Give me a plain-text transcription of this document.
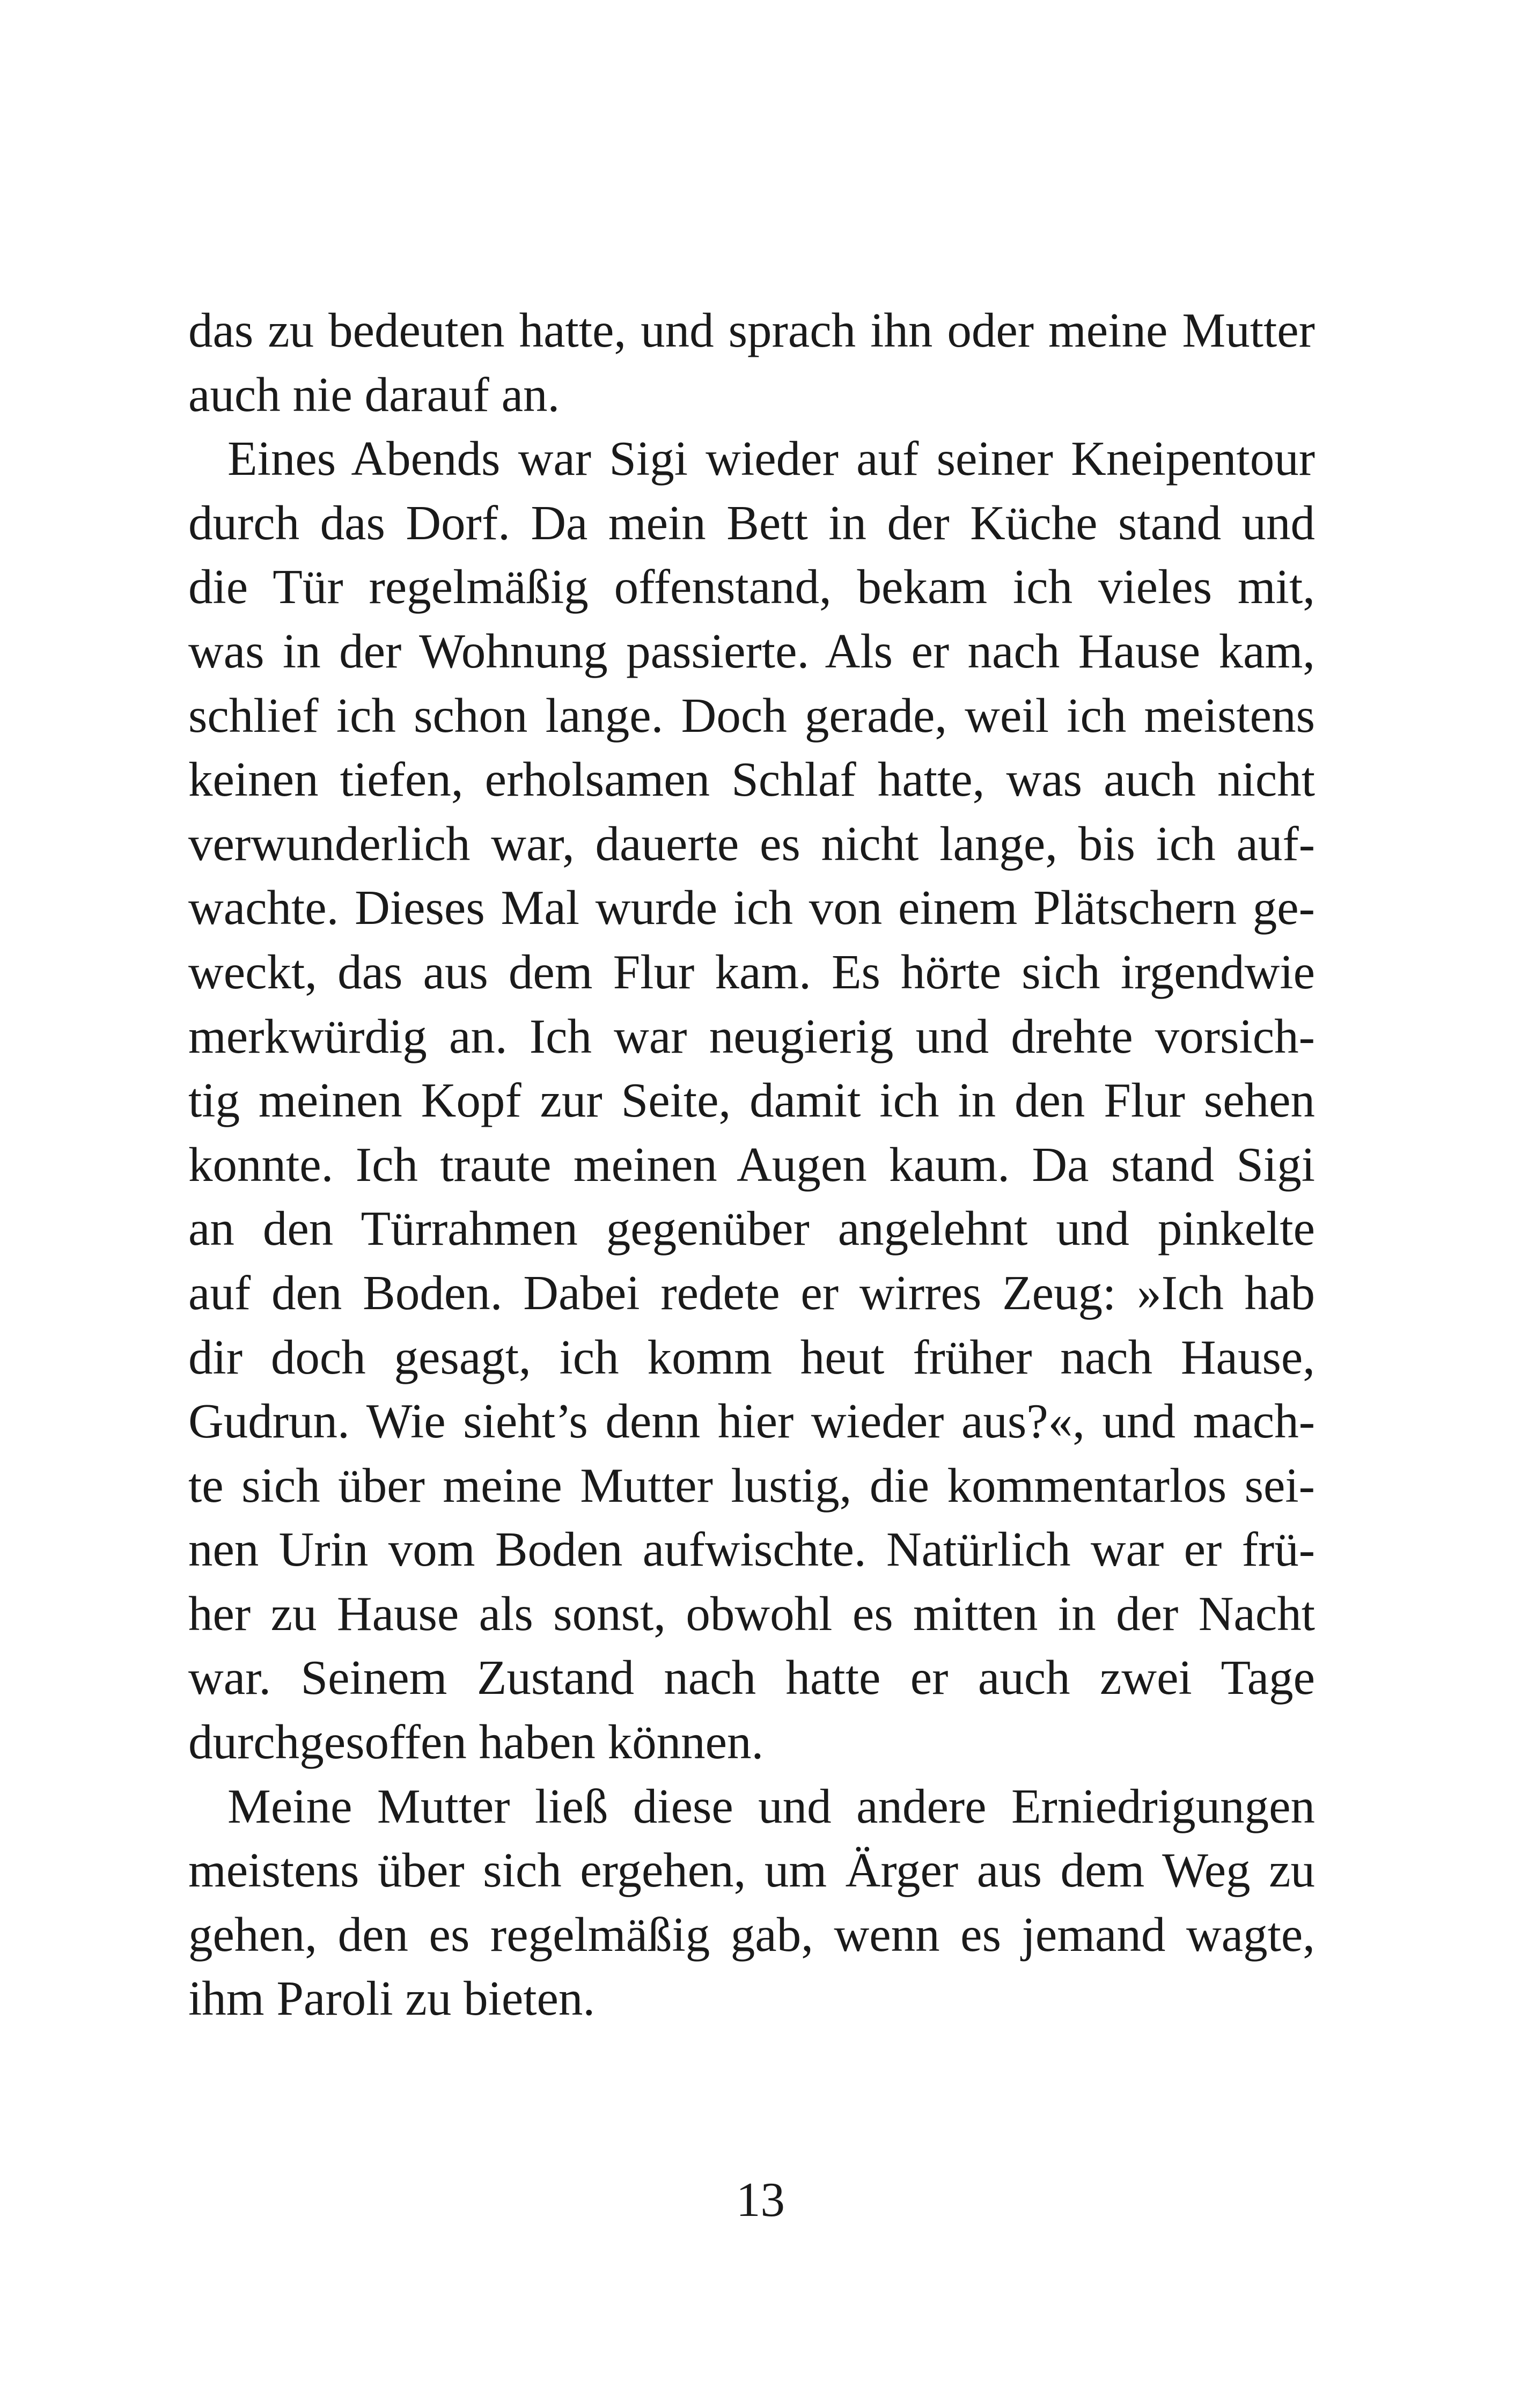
das zu bedeuten hatte, und sprach ihn oder meine Mutter
auch nie darauf an.
Eines Abends war Sigi wieder auf seiner Kneipentour
durch das Dorf. Da mein Bett in der Küche stand und
die Tür regelmäßig offenstand, bekam ich vieles mit,
was in der Wohnung passierte. Als er nach Hause kam,
schlief ich schon lange. Doch gerade, weil ich meistens
keinen tiefen, erholsamen Schlaf hatte, was auch nicht
verwunderlich war, dauerte es nicht lange, bis ich auf-
wachte. Dieses Mal wurde ich von einem Plätschern ge-
weckt, das aus dem Flur kam. Es hörte sich irgendwie
merkwürdig an. Ich war neugierig und drehte vorsich-
tig meinen Kopf zur Seite, damit ich in den Flur sehen
konnte. Ich traute meinen Augen kaum. Da stand Sigi
an den Türrahmen gegenüber angelehnt und pinkelte
auf den Boden. Dabei redete er wirres Zeug: »Ich hab
dir doch gesagt, ich komm heut früher nach Hause,
Gudrun. Wie sieht’s denn hier wieder aus?«, und mach-
te sich über meine Mutter lustig, die kommentarlos sei-
nen Urin vom Boden aufwischte. Natürlich war er frü-
her zu Hause als sonst, obwohl es mitten in der Nacht
war. Seinem Zustand nach hatte er auch zwei Tage
durchgesoffen haben können.
Meine Mutter ließ diese und andere Erniedrigungen
meistens über sich ergehen, um Ärger aus dem Weg zu
gehen, den es regelmäßig gab, wenn es jemand wagte,
ihm Paroli zu bieten.
13
